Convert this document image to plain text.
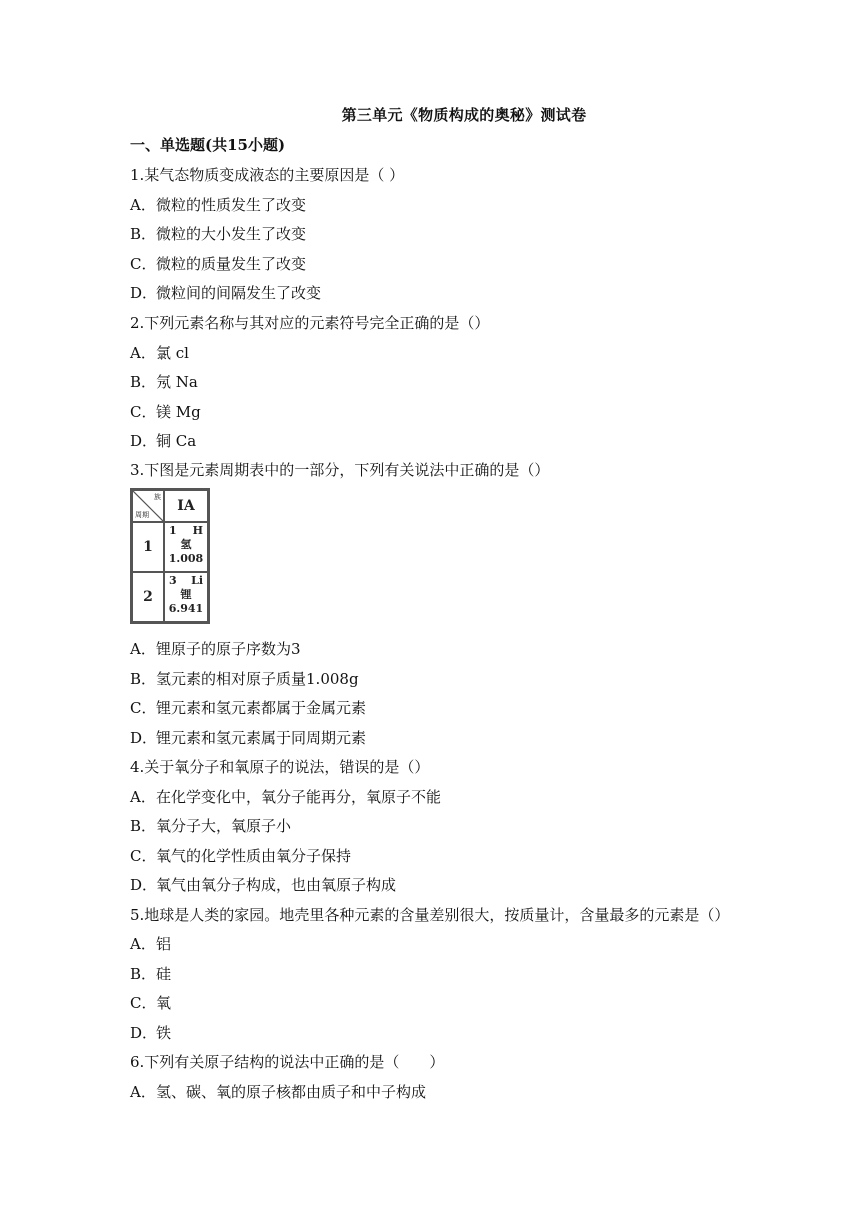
第三单元《物质构成的奥秘》测试卷
一、单选题(共15小题)
1.某气态物质变成液态的主要原因是（ ）
A．微粒的性质发生了改变
B．微粒的大小发生了改变
C．微粒的质量发生了改变
D．微粒间的间隔发生了改变
2.下列元素名称与其对应的元素符号完全正确的是（）
A．氯 cl
B．氖 Na
C．镁 Mg
D．铜 Ca
3.下图是元素周期表中的一部分，下列有关说法中正确的是（）
族
周期
IA
1
2
1 H
氢
1.008
3 Li
锂
6.941
A．锂原子的原子序数为3
B．氢元素的相对原子质量1.008g
C．锂元素和氢元素都属于金属元素
D．锂元素和氢元素属于同周期元素
4.关于氧分子和氧原子的说法，错误的是（）
A．在化学变化中，氧分子能再分，氧原子不能
B．氧分子大，氧原子小
C．氧气的化学性质由氧分子保持
D．氧气由氧分子构成，也由氧原子构成
5.地球是人类的家园。地壳里各种元素的含量差别很大，按质量计，含量最多的元素是（）
A．铝
B．硅
C．氧
D．铁
6.下列有关原子结构的说法中正确的是（　　）
A．氢、碳、氧的原子核都由质子和中子构成
